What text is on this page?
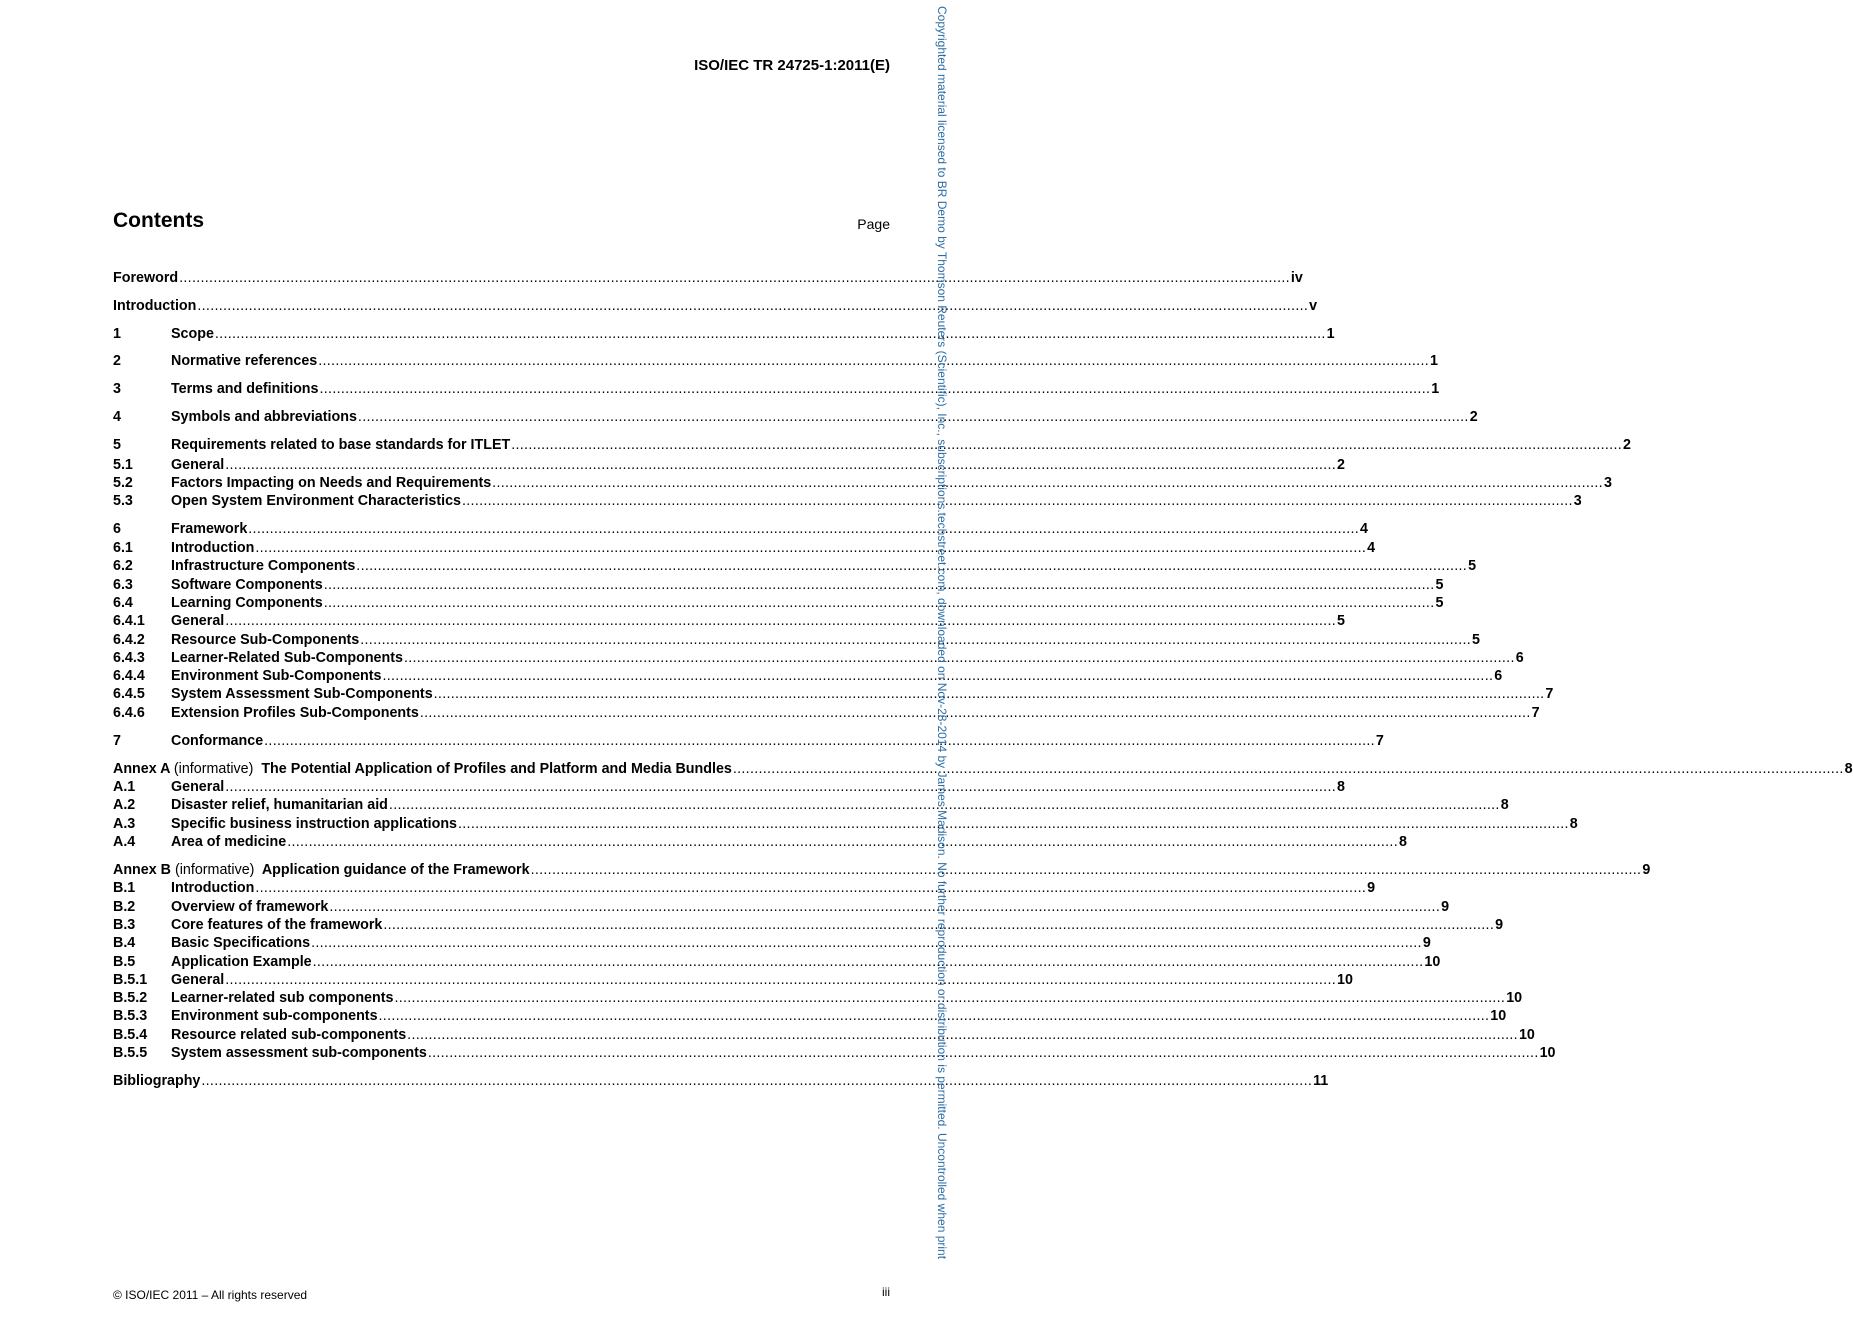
ISO/IEC TR 24725-1:2011(E)
Contents	Page
Foreword .................................................................................................................................................................................................................................................................... iv
Introduction .................................................................................................................................................................................................................................................................... v
1	Scope .................................................................................................................................................................................................................................................................... 1
2	Normative references .................................................................................................................................................................................................................................................................... 1
3	Terms and definitions .................................................................................................................................................................................................................................................................... 1
4	Symbols and abbreviations .................................................................................................................................................................................................................................................................... 2
5	Requirements related to base standards for ITLET .................................................................................................................................................................................................................................................................... 2
5.1	General .................................................................................................................................................................................................................................................................... 2
5.2	Factors Impacting on Needs and Requirements .................................................................................................................................................................................................................................................................... 3
5.3	Open System Environment Characteristics .................................................................................................................................................................................................................................................................... 3
6	Framework .................................................................................................................................................................................................................................................................... 4
6.1	Introduction .................................................................................................................................................................................................................................................................... 4
6.2	Infrastructure Components .................................................................................................................................................................................................................................................................... 5
6.3	Software Components .................................................................................................................................................................................................................................................................... 5
6.4	Learning Components .................................................................................................................................................................................................................................................................... 5
6.4.1	General .................................................................................................................................................................................................................................................................... 5
6.4.2	Resource Sub-Components .................................................................................................................................................................................................................................................................... 5
6.4.3	Learner-Related Sub-Components .................................................................................................................................................................................................................................................................... 6
6.4.4	Environment Sub-Components .................................................................................................................................................................................................................................................................... 6
6.4.5	System Assessment Sub-Components .................................................................................................................................................................................................................................................................... 7
6.4.6	Extension Profiles Sub-Components .................................................................................................................................................................................................................................................................... 7
7	Conformance .................................................................................................................................................................................................................................................................... 7
Annex A (informative) The Potential Application of Profiles and Platform and Media Bundles .................................................................................................................................................................................................................................................................... 8
A.1	General .................................................................................................................................................................................................................................................................... 8
A.2	Disaster relief, humanitarian aid .................................................................................................................................................................................................................................................................... 8
A.3	Specific business instruction applications .................................................................................................................................................................................................................................................................... 8
A.4	Area of medicine .................................................................................................................................................................................................................................................................... 8
Annex B (informative) Application guidance of the Framework .................................................................................................................................................................................................................................................................... 9
B.1	Introduction .................................................................................................................................................................................................................................................................... 9
B.2	Overview of framework .................................................................................................................................................................................................................................................................... 9
B.3	Core features of the framework .................................................................................................................................................................................................................................................................... 9
B.4	Basic Specifications .................................................................................................................................................................................................................................................................... 9
B.5	Application Example .................................................................................................................................................................................................................................................................... 10
B.5.1	General .................................................................................................................................................................................................................................................................... 10
B.5.2	Learner-related sub components .................................................................................................................................................................................................................................................................... 10
B.5.3	Environment sub-components .................................................................................................................................................................................................................................................................... 10
B.5.4	Resource related sub-components .................................................................................................................................................................................................................................................................... 10
B.5.5	System assessment sub-components .................................................................................................................................................................................................................................................................... 10
Bibliography .................................................................................................................................................................................................................................................................... 11
© ISO/IEC 2011 – All rights reserved	iii
Copyrighted material licensed to BR Demo by Thomson Reuters (Scientific), Inc., subscriptions.techstreet.com, downloaded on Nov-28-2014 by James Madison. No further reproduction or distribution is permitted. Uncontrolled when print
